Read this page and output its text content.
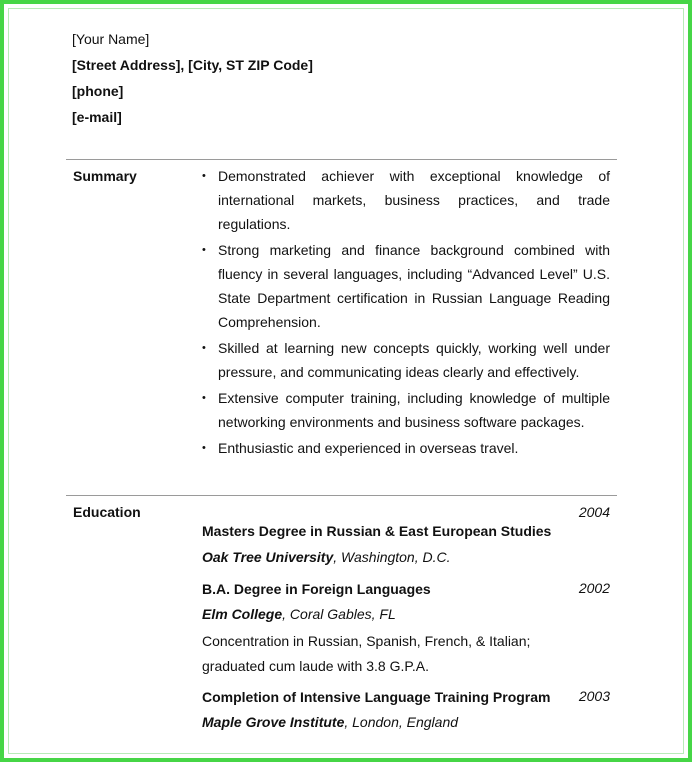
[Your Name]
[Street Address], [City, ST ZIP Code]
[phone]
[e-mail]
Summary	• Demonstrated achiever with exceptional knowledge of international markets, business practices, and trade regulations.
• Strong marketing and finance background combined with fluency in several languages, including “Advanced Level” U.S. State Department certification in Russian Language Reading Comprehension.
• Skilled at learning new concepts quickly, working well under pressure, and communicating ideas clearly and effectively.
• Extensive computer training, including knowledge of multiple networking environments and business software packages.
• Enthusiastic and experienced in overseas travel.
Education	2004
Masters Degree in Russian & East European Studies
Oak Tree University, Washington, D.C.
2002
B.A. Degree in Foreign Languages
Elm College, Coral Gables, FL
Concentration in Russian, Spanish, French, & Italian; graduated cum laude with 3.8 G.P.A.
2003
Completion of Intensive Language Training Program
Maple Grove Institute, London, England
